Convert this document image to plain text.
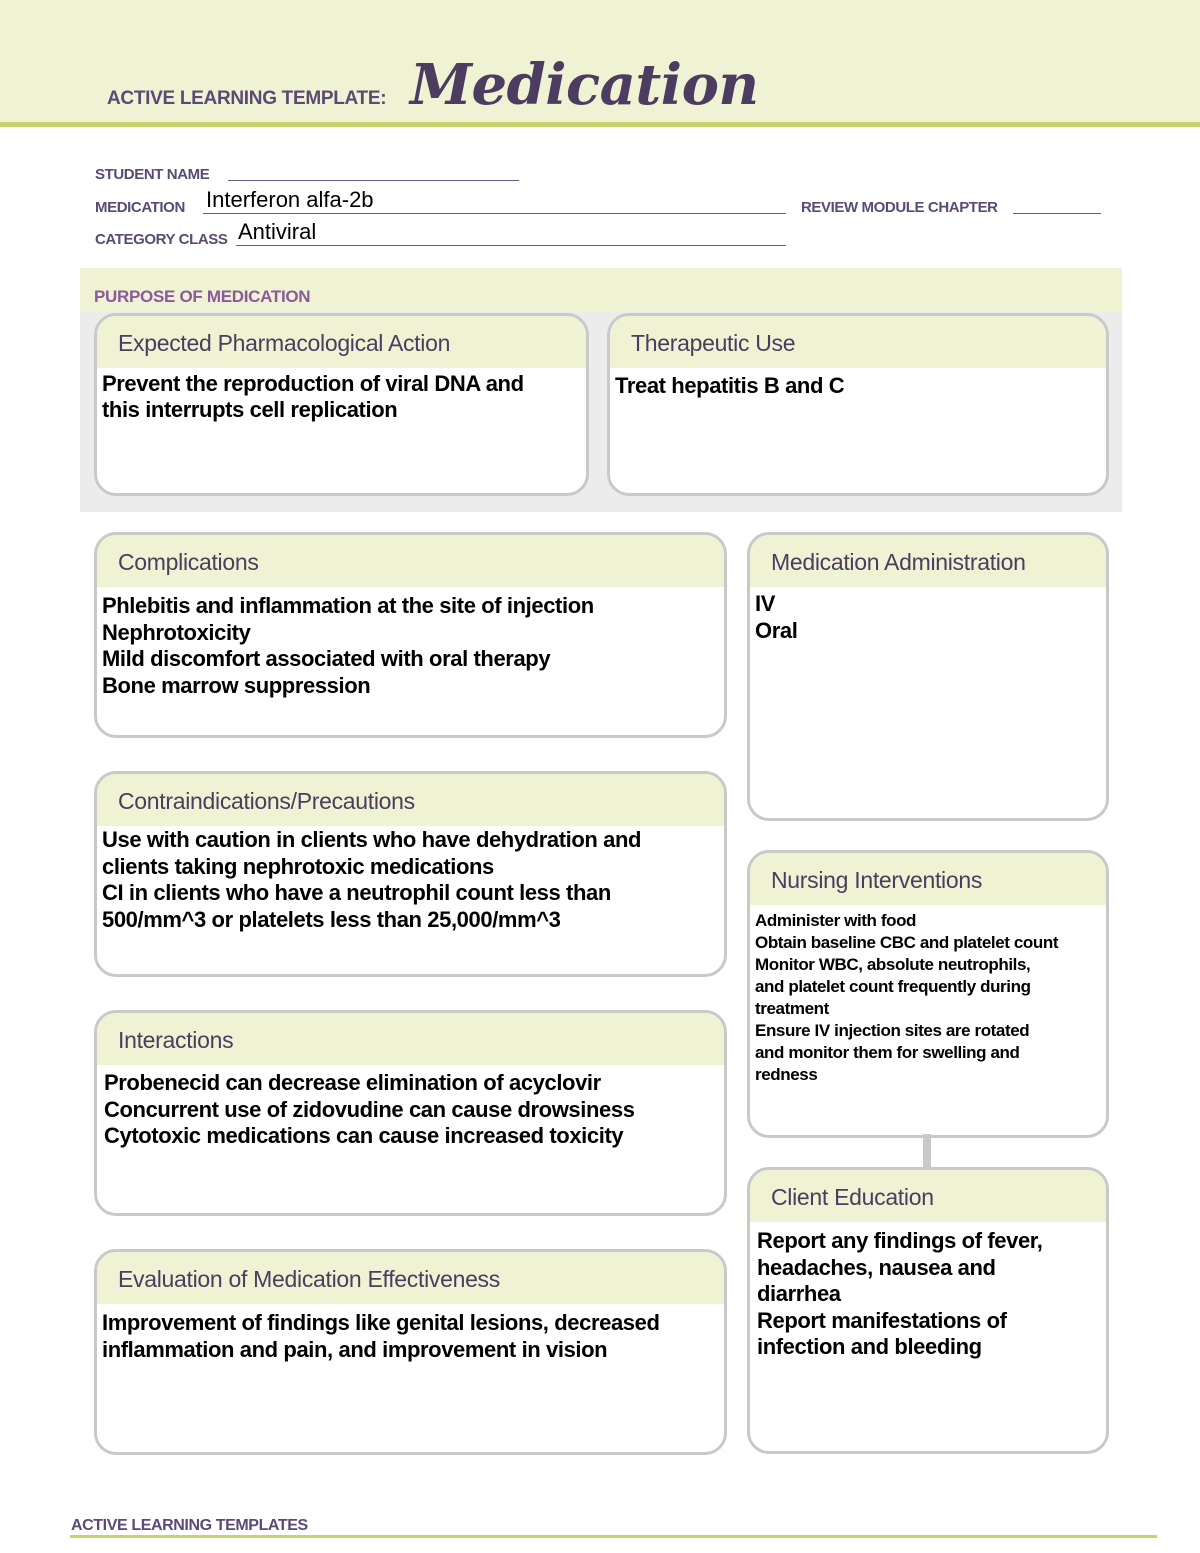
ACTIVE LEARNING TEMPLATE: Medication
STUDENT NAME
MEDICATION Interferon alfa-2b	REVIEW MODULE CHAPTER
CATEGORY CLASS Antiviral
PURPOSE OF MEDICATION
Expected Pharmacological Action
Prevent the reproduction of viral DNA and
this interrupts cell replication
Therapeutic Use
Treat hepatitis B and C
Complications
Phlebitis and inflammation at the site of injection
Nephrotoxicity
Mild discomfort associated with oral therapy
Bone marrow suppression
Medication Administration
IV
Oral
Contraindications/Precautions
Use with caution in clients who have dehydration and
clients taking nephrotoxic medications
CI in clients who have a neutrophil count less than
500/mm^3 or platelets less than 25,000/mm^3
Nursing Interventions
Administer with food
Obtain baseline CBC and platelet count
Monitor WBC, absolute neutrophils,
and platelet count frequently during
treatment
Ensure IV injection sites are rotated
and monitor them for swelling and
redness
Interactions
Probenecid can decrease elimination of acyclovir
Concurrent use of zidovudine can cause drowsiness
Cytotoxic medications can cause increased toxicity
Client Education
Report any findings of fever,
headaches, nausea and
diarrhea
Report manifestations of
infection and bleeding
Evaluation of Medication Effectiveness
Improvement of findings like genital lesions, decreased
inflammation and pain, and improvement in vision
ACTIVE LEARNING TEMPLATES
